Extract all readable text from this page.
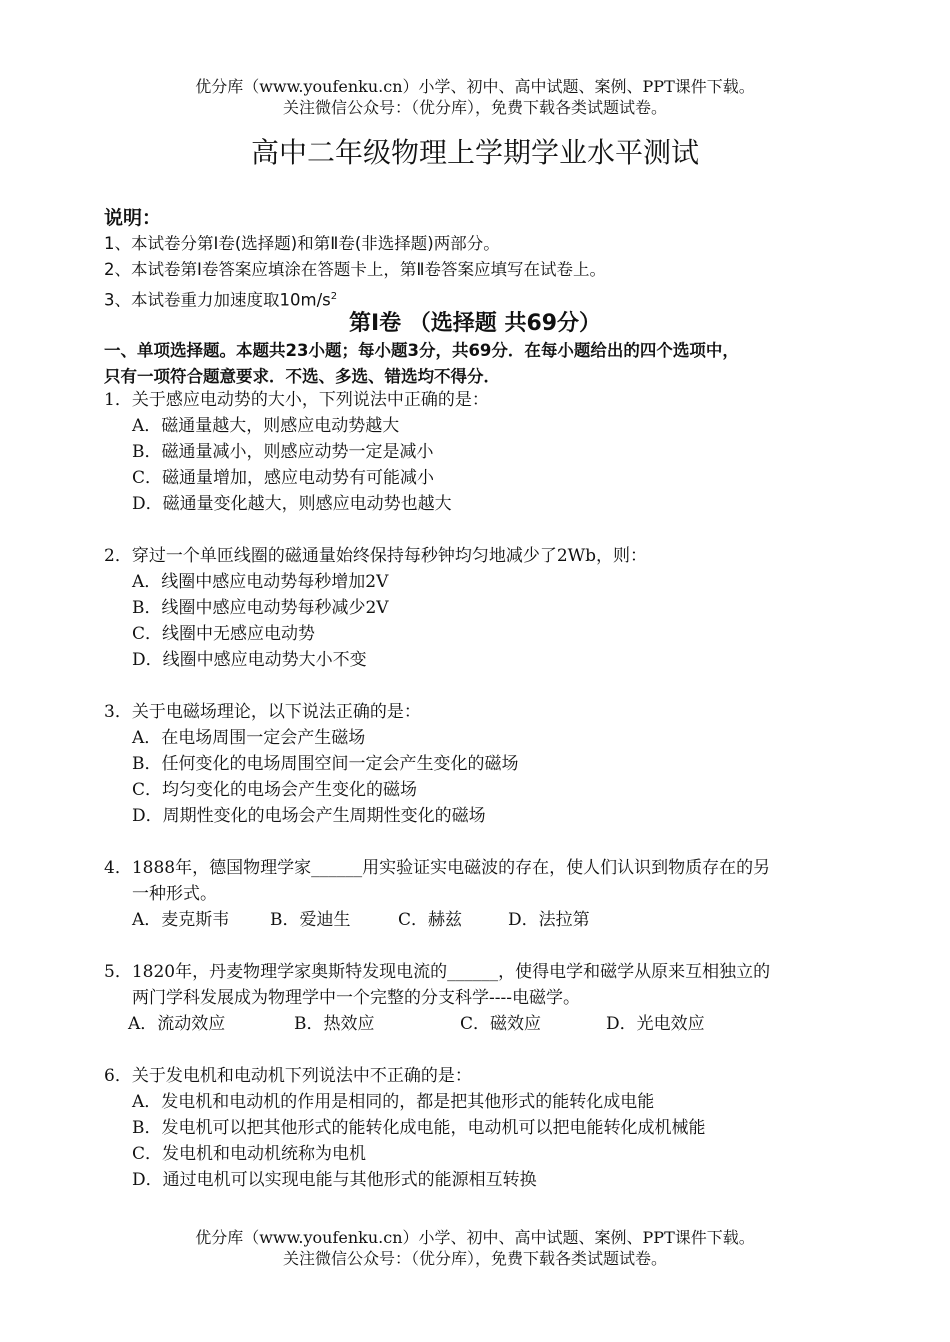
优分库（www.youfenku.cn）小学、初中、高中试题、案例、PPT课件下载。
关注微信公众号：（优分库），免费下载各类试题试卷。
高中二年级物理上学期学业水平测试
说明：
1、本试卷分第Ⅰ卷(选择题)和第Ⅱ卷(非选择题)两部分。
2、本试卷第Ⅰ卷答案应填涂在答题卡上，第Ⅱ卷答案应填写在试卷上。
3、本试卷重力加速度取$10m/s^2$
第Ⅰ卷 （选择题 共69分）
一、单项选择题。本题共23小题；每小题3分，共69分．在每小题给出的四个选项中，
只有一项符合题意要求．不选、多选、错选均不得分．
1．关于感应电动势的大小，下列说法中正确的是：
A．磁通量越大，则感应电动势越大
B．磁通量减小，则感应动势一定是减小
C．磁通量增加，感应电动势有可能减小
D．磁通量变化越大，则感应电动势也越大
2．穿过一个单匝线圈的磁通量始终保持每秒钟均匀地减少了2Wb，则：
A．线圈中感应电动势每秒增加2V
B．线圈中感应电动势每秒减少2V
C．线圈中无感应电动势
D．线圈中感应电动势大小不变
3．关于电磁场理论，以下说法正确的是：
A．在电场周围一定会产生磁场
B．任何变化的电场周围空间一定会产生变化的磁场
C．均匀变化的电场会产生变化的磁场
D．周期性变化的电场会产生周期性变化的磁场
4．1888年，德国物理学家______用实验证实电磁波的存在，使人们认识到物质存在的另
一种形式。
A．麦克斯韦 B．爱迪生	C．赫兹	D．法拉第
5．1820年，丹麦物理学家奥斯特发现电流的______，使得电学和磁学从原来互相独立的
两门学科发展成为物理学中一个完整的分支科学----电磁学。
A．流动效应	B．热效应	C．磁效应	D．光电效应
6．关于发电机和电动机下列说法中不正确的是：
A．发电机和电动机的作用是相同的，都是把其他形式的能转化成电能
B．发电机可以把其他形式的能转化成电能，电动机可以把电能转化成机械能
C．发电机和电动机统称为电机
D．通过电机可以实现电能与其他形式的能源相互转换
优分库（www.youfenku.cn）小学、初中、高中试题、案例、PPT课件下载。
关注微信公众号：（优分库），免费下载各类试题试卷。
